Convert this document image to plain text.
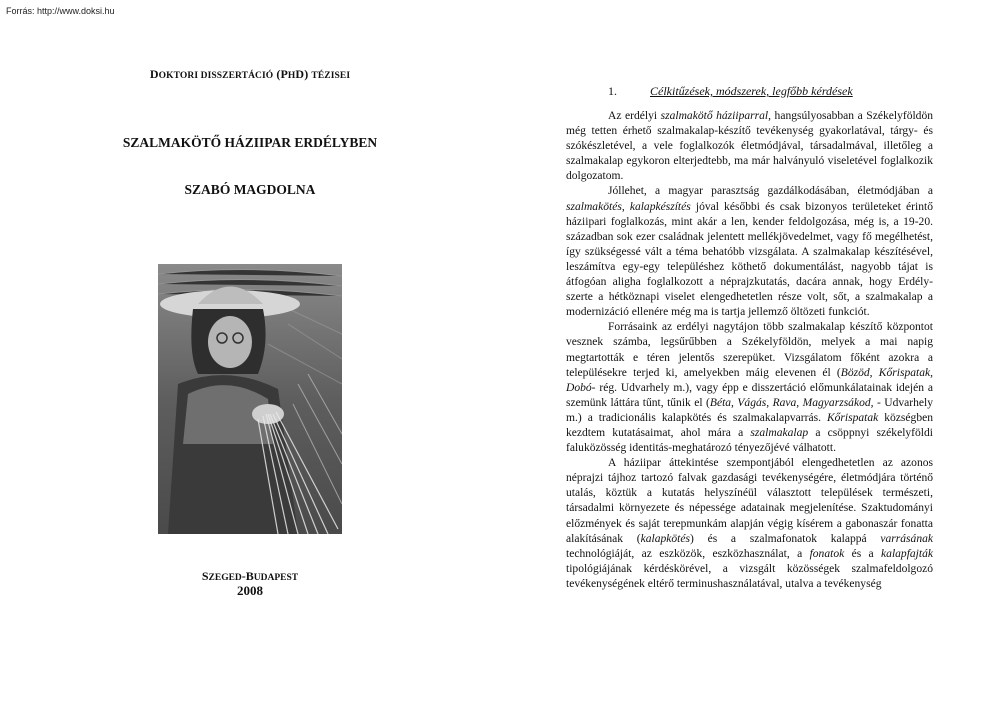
Forrás: http://www.doksi.hu
DOKTORI DISSZERTÁCIÓ (PHD) TÉZISEI
SZALMAKÖTŐ HÁZIIPAR ERDÉLYBEN
SZABÓ MAGDOLNA
SZEGED-BUDAPEST
2008
1.	Célkitűzések, módszerek, legfőbb kérdések

Az erdélyi szalmakötő háziiparral, hangsúlyosabban a Székelyföldön még tetten érhető szalmakalap-készítő tevékenység gyakorlatával, tárgy- és szókészletével, a vele foglalkozók életmódjával, társadalmával, illetőleg a szalmakalap egykoron elterjedtebb, ma már halványuló viseletével foglalkozik dolgozatom.

Jóllehet, a magyar parasztság gazdálkodásában, életmódjában a szalmakötés, kalapkészítés jóval későbbi és csak bizonyos területeket érintő háziipari foglalkozás, mint akár a len, kender feldolgozása, még is, a 19-20. században sok ezer családnak jelentett mellékjövedelmet, vagy fő megélhetést, így szükségessé vált a téma behatóbb vizsgálata. A szalmakalap készítésével, leszámítva egy-egy településhez köthető dokumentálást, nagyobb tájat is átfogóan aligha foglalkozott a néprajzkutatás, dacára annak, hogy Erdély-szerte a hétköznapi viselet elengedhetetlen része volt, sőt, a szalmakalap a modernizáció ellenére még ma is tartja jellemző öltözeti funkciót.

Forrásaink az erdélyi nagytájon több szalmakalap készítő központot vesznek számba, legsűrűbben a Székelyföldön, melyek a mai napig megtartották e téren jelentős szerepüket. Vizsgálatom főként azokra a településekre terjed ki, amelyekben máig elevenen él (Bözöd, Kőrispatak, Dobó- rég. Udvarhely m.), vagy épp e disszertáció előmunkálatainak idején a szemünk láttára tűnt, tűnik el (Béta, Vágás, Rava, Magyarzsákod, - Udvarhely m.) a tradicionális kalapkötés és szalmakalapvarrás. Kőrispatak községben kezdtem kutatásaimat, ahol mára a szalmakalap a csöppnyi székelyföldi faluközösség identitás-meghatározó tényezőjévé válhatott.

A háziipar áttekintése szempontjából elengedhetetlen az azonos néprajzi tájhoz tartozó falvak gazdasági tevékenységére, életmódjára történő utalás, köztük a kutatás helyszínéül választott települések természeti, társadalmi környezete és népessége adatainak megjelenítése. Szaktudományi előzmények és saját terepmunkám alapján végig kísérem a gabonaszár fonatta alakításának (kalapkötés) és a szalmafonatok kalappá varrásának technológiáját, az eszközök, eszközhasználat, a fonatok és a kalapfajták tipológiájának kérdéskörével, a vizsgált közösségek szalmafeldolgozó tevékenységének eltérő terminushasználatával, utalva a tevékenység
